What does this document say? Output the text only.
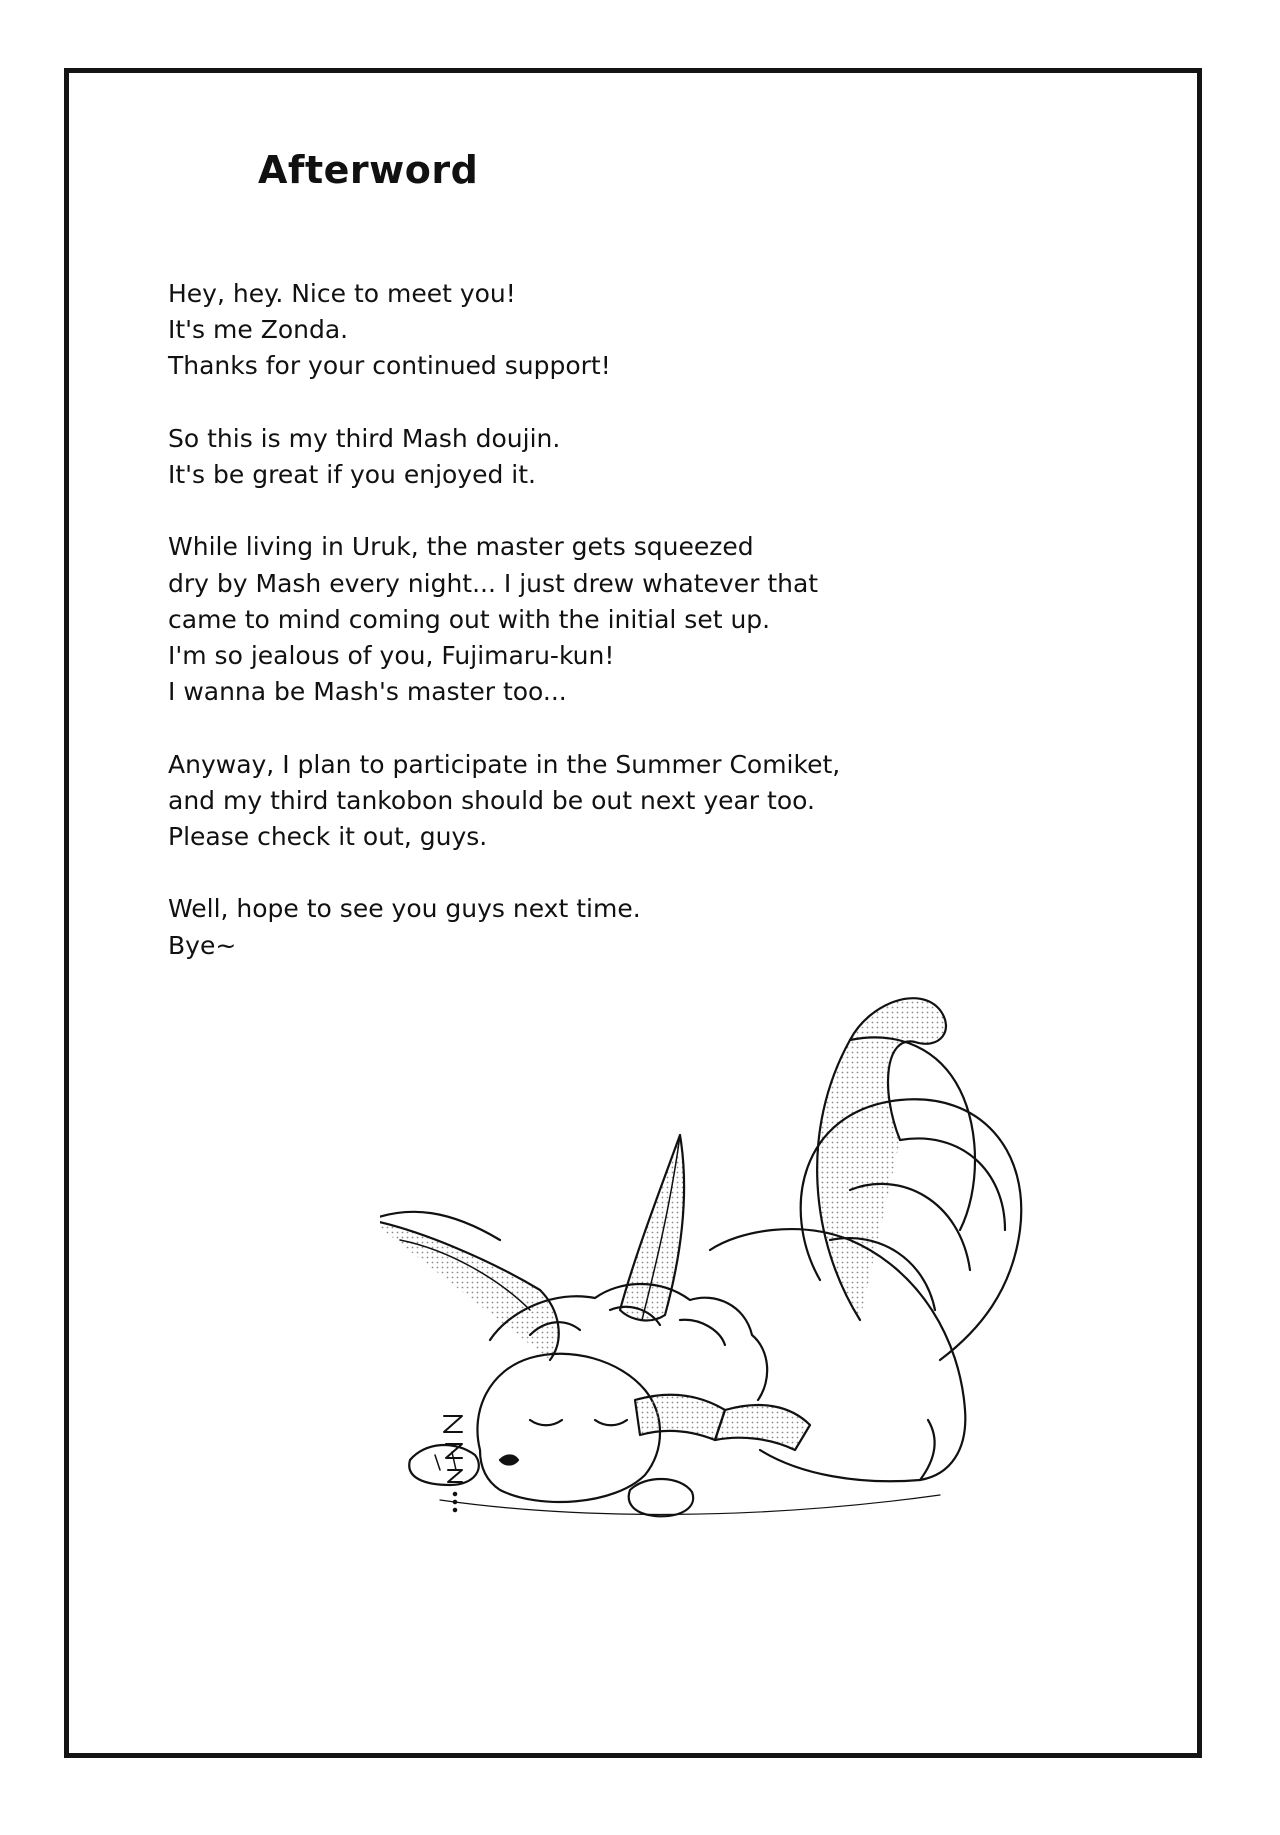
Afterword

Hey, hey. Nice to meet you!
It's me Zonda.
Thanks for your continued support!

So this is my third Mash doujin.
It's be great if you enjoyed it.

While living in Uruk, the master gets squeezed
dry by Mash every night... I just drew whatever that
came to mind coming out with the initial set up.
I'm so jealous of you, Fujimaru-kun!
I wanna be Mash's master too...

Anyway, I plan to participate in the Summer Comiket,
and my third tankobon should be out next year too.
Please check it out, guys.

Well, hope to see you guys next time.
Bye~
